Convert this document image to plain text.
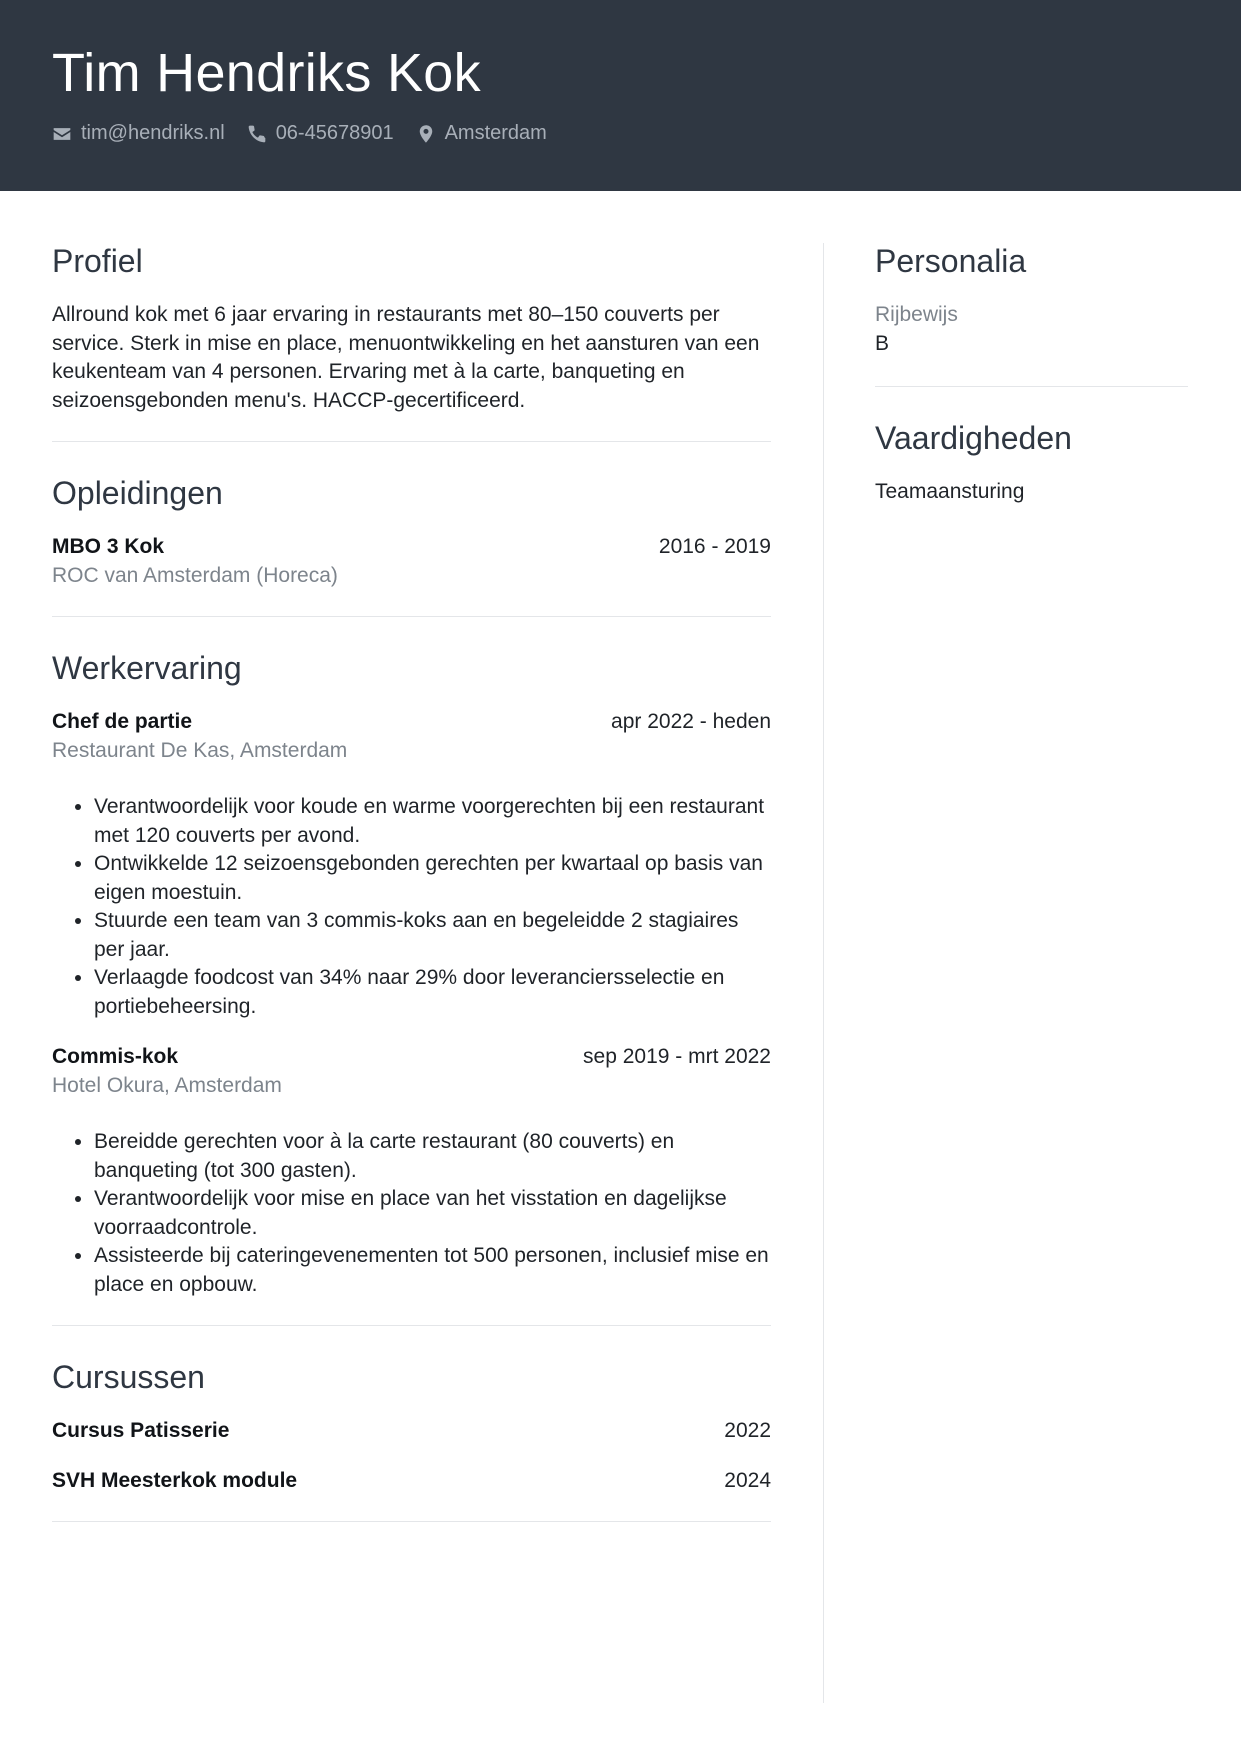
Tim Hendriks Kok
tim@hendriks.nl	06-45678901	Amsterdam
Profiel

Allround kok met 6 jaar ervaring in restaurants met 80–150 couverts per service. Sterk in mise en place, menuontwikkeling en het aansturen van een keukenteam van 4 personen. Ervaring met à la carte, banqueting en seizoensgebonden menu's. HACCP-gecertificeerd.

Opleidingen
MBO 3 Kok	2016 - 2019
ROC van Amsterdam (Horeca)
Werkervaring
Chef de partie	apr 2022 - heden
Restaurant De Kas, Amsterdam
• Verantwoordelijk voor koude en warme voorgerechten bij een restaurant met 120 couverts per avond.
• Ontwikkelde 12 seizoensgebonden gerechten per kwartaal op basis van eigen moestuin.
• Stuurde een team van 3 commis-koks aan en begeleidde 2 stagiaires per jaar.
• Verlaagde foodcost van 34% naar 29% door leveranciersselectie en portiebeheersing.
Commis-kok	sep 2019 - mrt 2022
Hotel Okura, Amsterdam
• Bereidde gerechten voor à la carte restaurant (80 couverts) en banqueting (tot 300 gasten).
• Verantwoordelijk voor mise en place van het visstation en dagelijkse voorraadcontrole.
• Assisteerde bij cateringevenementen tot 500 personen, inclusief mise en place en opbouw.
Cursussen
Cursus Patisserie	2022
SVH Meesterkok module	2024
Personalia
Rijbewijs
B
Vaardigheden
Teamaansturing
